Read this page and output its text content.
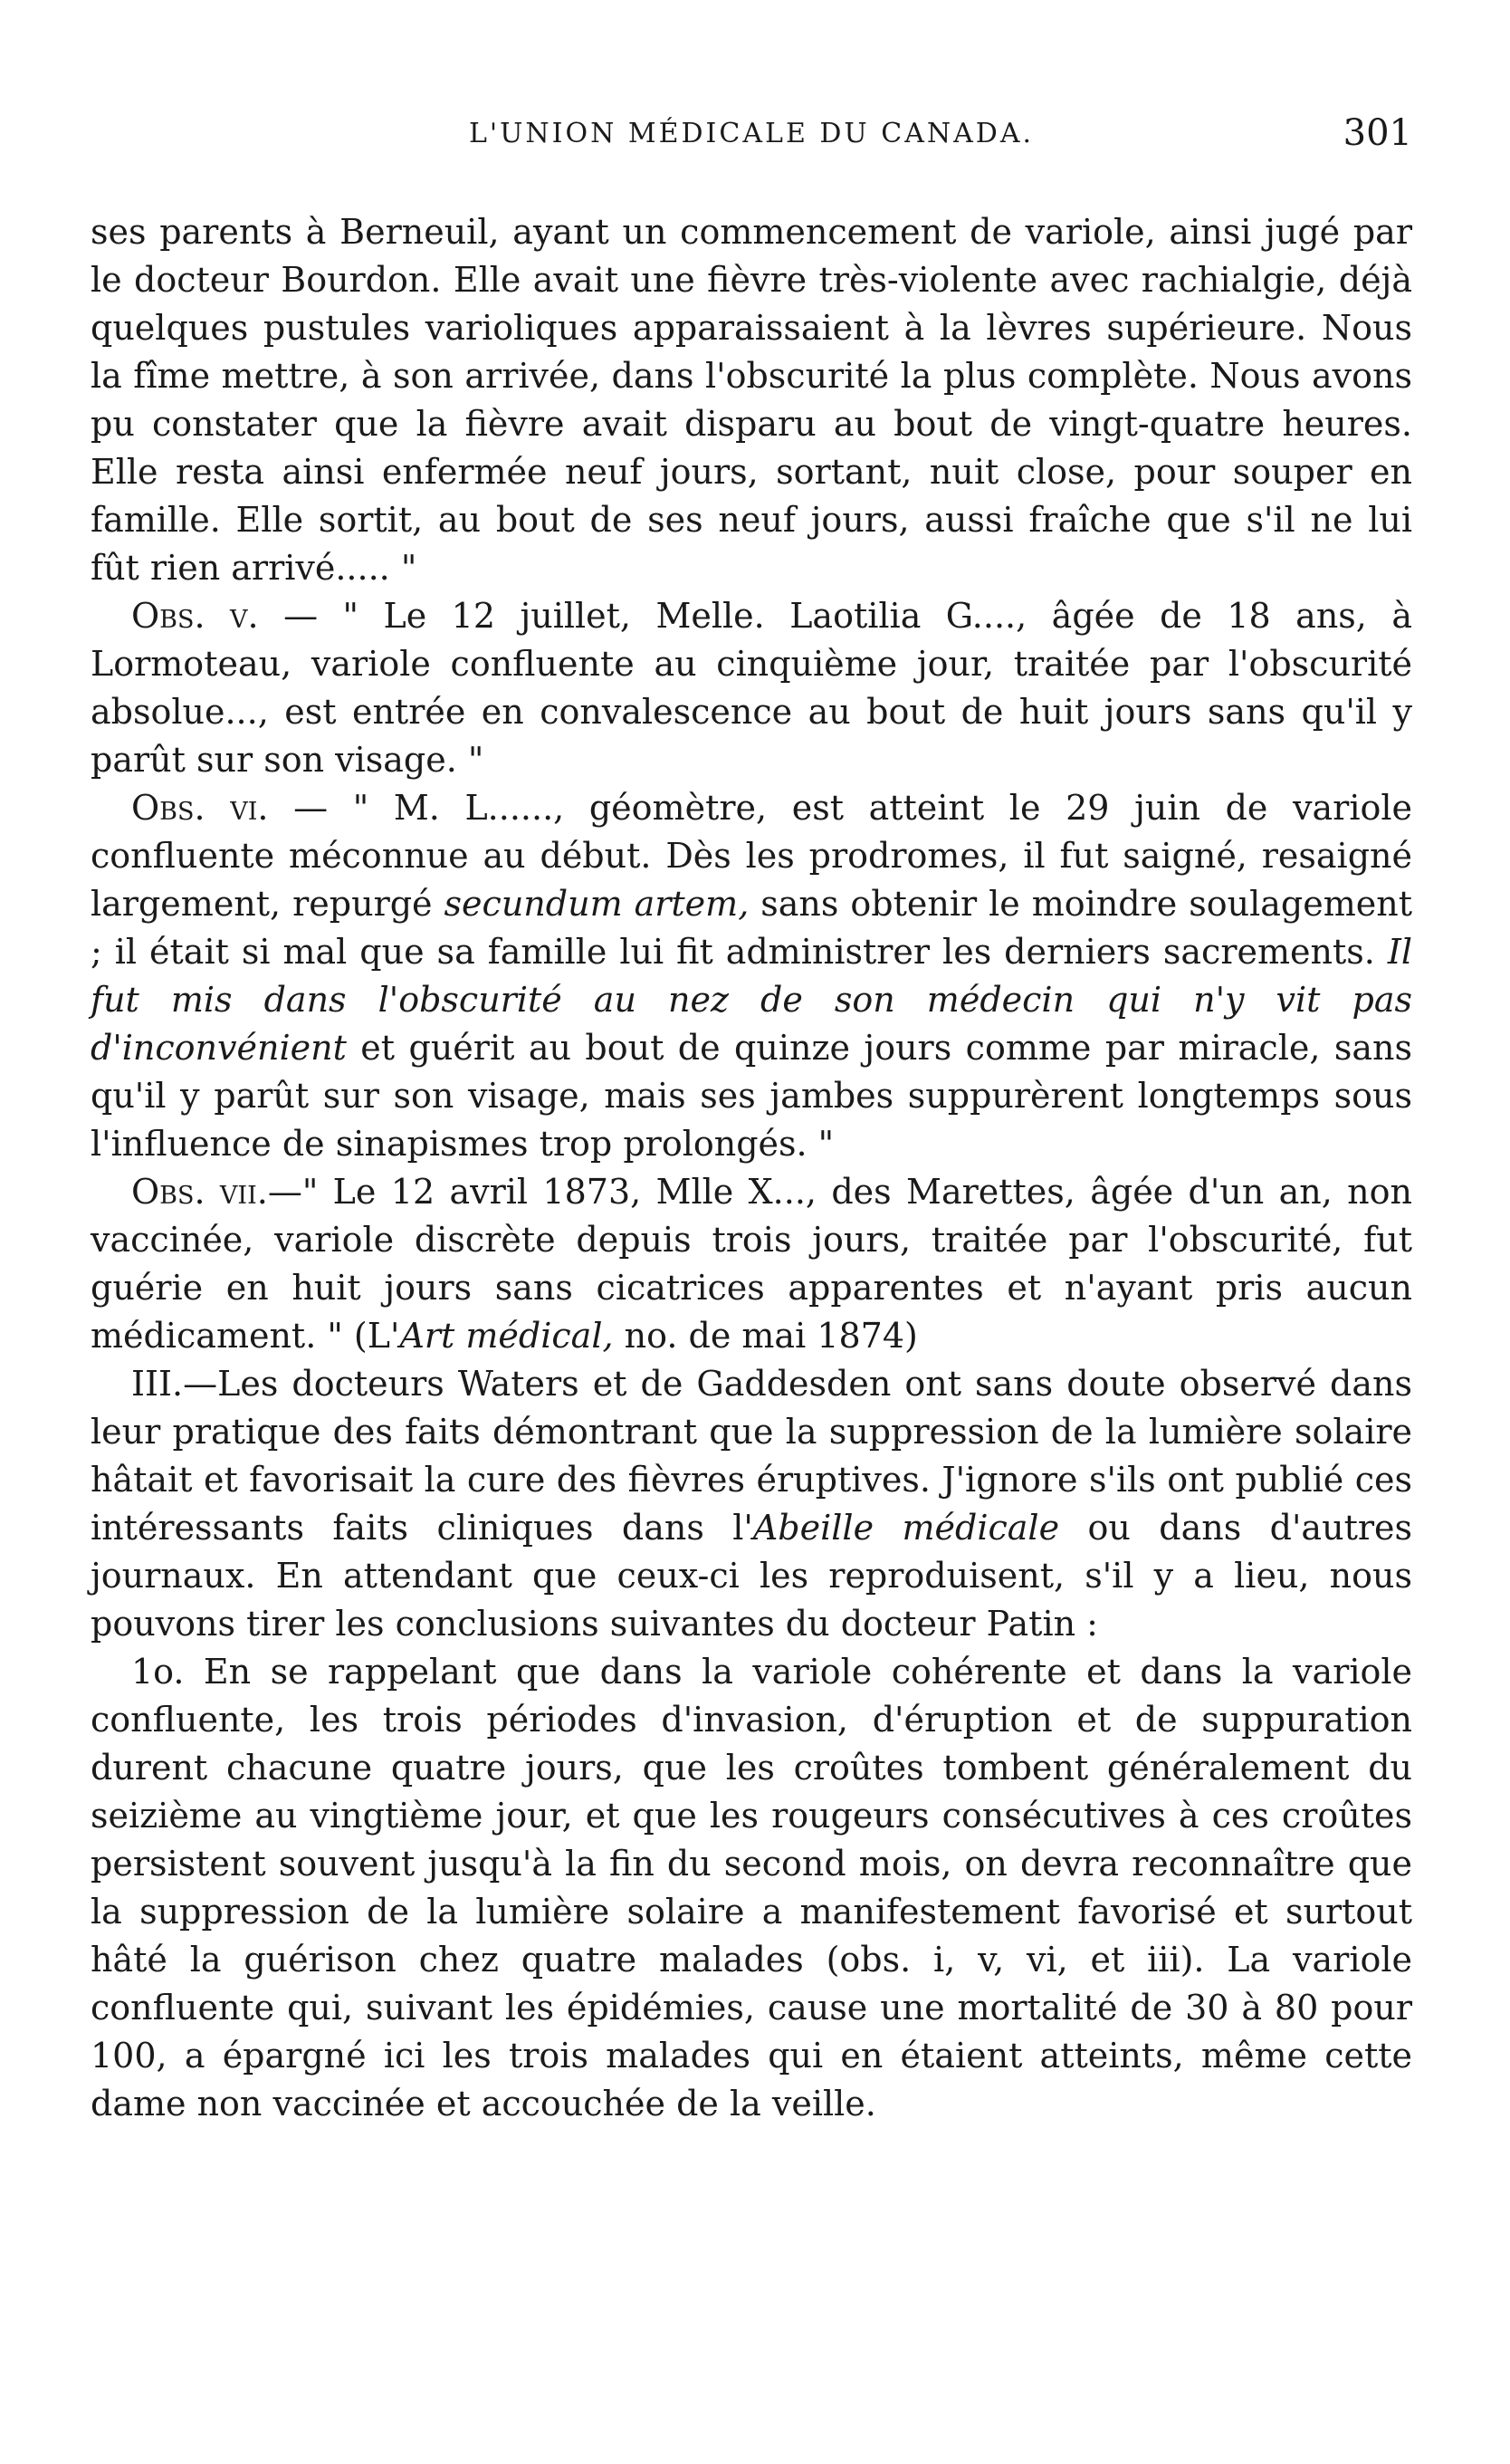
L'UNION MÉDICALE DU CANADA.	301

ses parents à Berneuil, ayant un commencement de variole, ainsi jugé par le docteur Bourdon. Elle avait une fièvre très-violente avec rachialgie, déjà quelques pustules varioliques apparaissaient à la lèvres supérieure. Nous la fîme mettre, à son arrivée, dans l'obscurité la plus complète. Nous avons pu constater que la fièvre avait disparu au bout de vingt-quatre heures. Elle resta ainsi enfermée neuf jours, sortant, nuit close, pour souper en famille. Elle sortit, au bout de ses neuf jours, aussi fraîche que s'il ne lui fût rien arrivé..... "

Obs. v. — " Le 12 juillet, Melle. Laotilia G...., âgée de 18 ans, à Lormoteau, variole confluente au cinquième jour, traitée par l'obscurité absolue..., est entrée en convalescence au bout de huit jours sans qu'il y parût sur son visage. "

Obs. vi. — " M. L......, géomètre, est atteint le 29 juin de variole confluente méconnue au début. Dès les prodromes, il fut saigné, resaigné largement, repurgé secundum artem, sans obtenir le moindre soulagement ; il était si mal que sa famille lui fit administrer les derniers sacrements. Il fut mis dans l'obscurité au nez de son médecin qui n'y vit pas d'inconvénient et guérit au bout de quinze jours comme par miracle, sans qu'il y parût sur son visage, mais ses jambes suppurèrent longtemps sous l'influence de sinapismes trop prolongés. "

Obs. vii.—" Le 12 avril 1873, Mlle X..., des Marettes, âgée d'un an, non vaccinée, variole discrète depuis trois jours, traitée par l'obscurité, fut guérie en huit jours sans cicatrices apparentes et n'ayant pris aucun médicament. " (L'Art médical, no. de mai 1874)

III.—Les docteurs Waters et de Gaddesden ont sans doute observé dans leur pratique des faits démontrant que la suppression de la lumière solaire hâtait et favorisait la cure des fièvres éruptives. J'ignore s'ils ont publié ces intéressants faits cliniques dans l'Abeille médicale ou dans d'autres journaux. En attendant que ceux-ci les reproduisent, s'il y a lieu, nous pouvons tirer les conclusions suivantes du docteur Patin :

1o. En se rappelant que dans la variole cohérente et dans la variole confluente, les trois périodes d'invasion, d'éruption et de suppuration durent chacune quatre jours, que les croûtes tombent généralement du seizième au vingtième jour, et que les rougeurs consécutives à ces croûtes persistent souvent jusqu'à la fin du second mois, on devra reconnaître que la suppression de la lumière solaire a manifestement favorisé et surtout hâté la guérison chez quatre malades (obs. i, v, vi, et iii). La variole confluente qui, suivant les épidémies, cause une mortalité de 30 à 80 pour 100, a épargné ici les trois malades qui en étaient atteints, même cette dame non vaccinée et accouchée de la veille.
